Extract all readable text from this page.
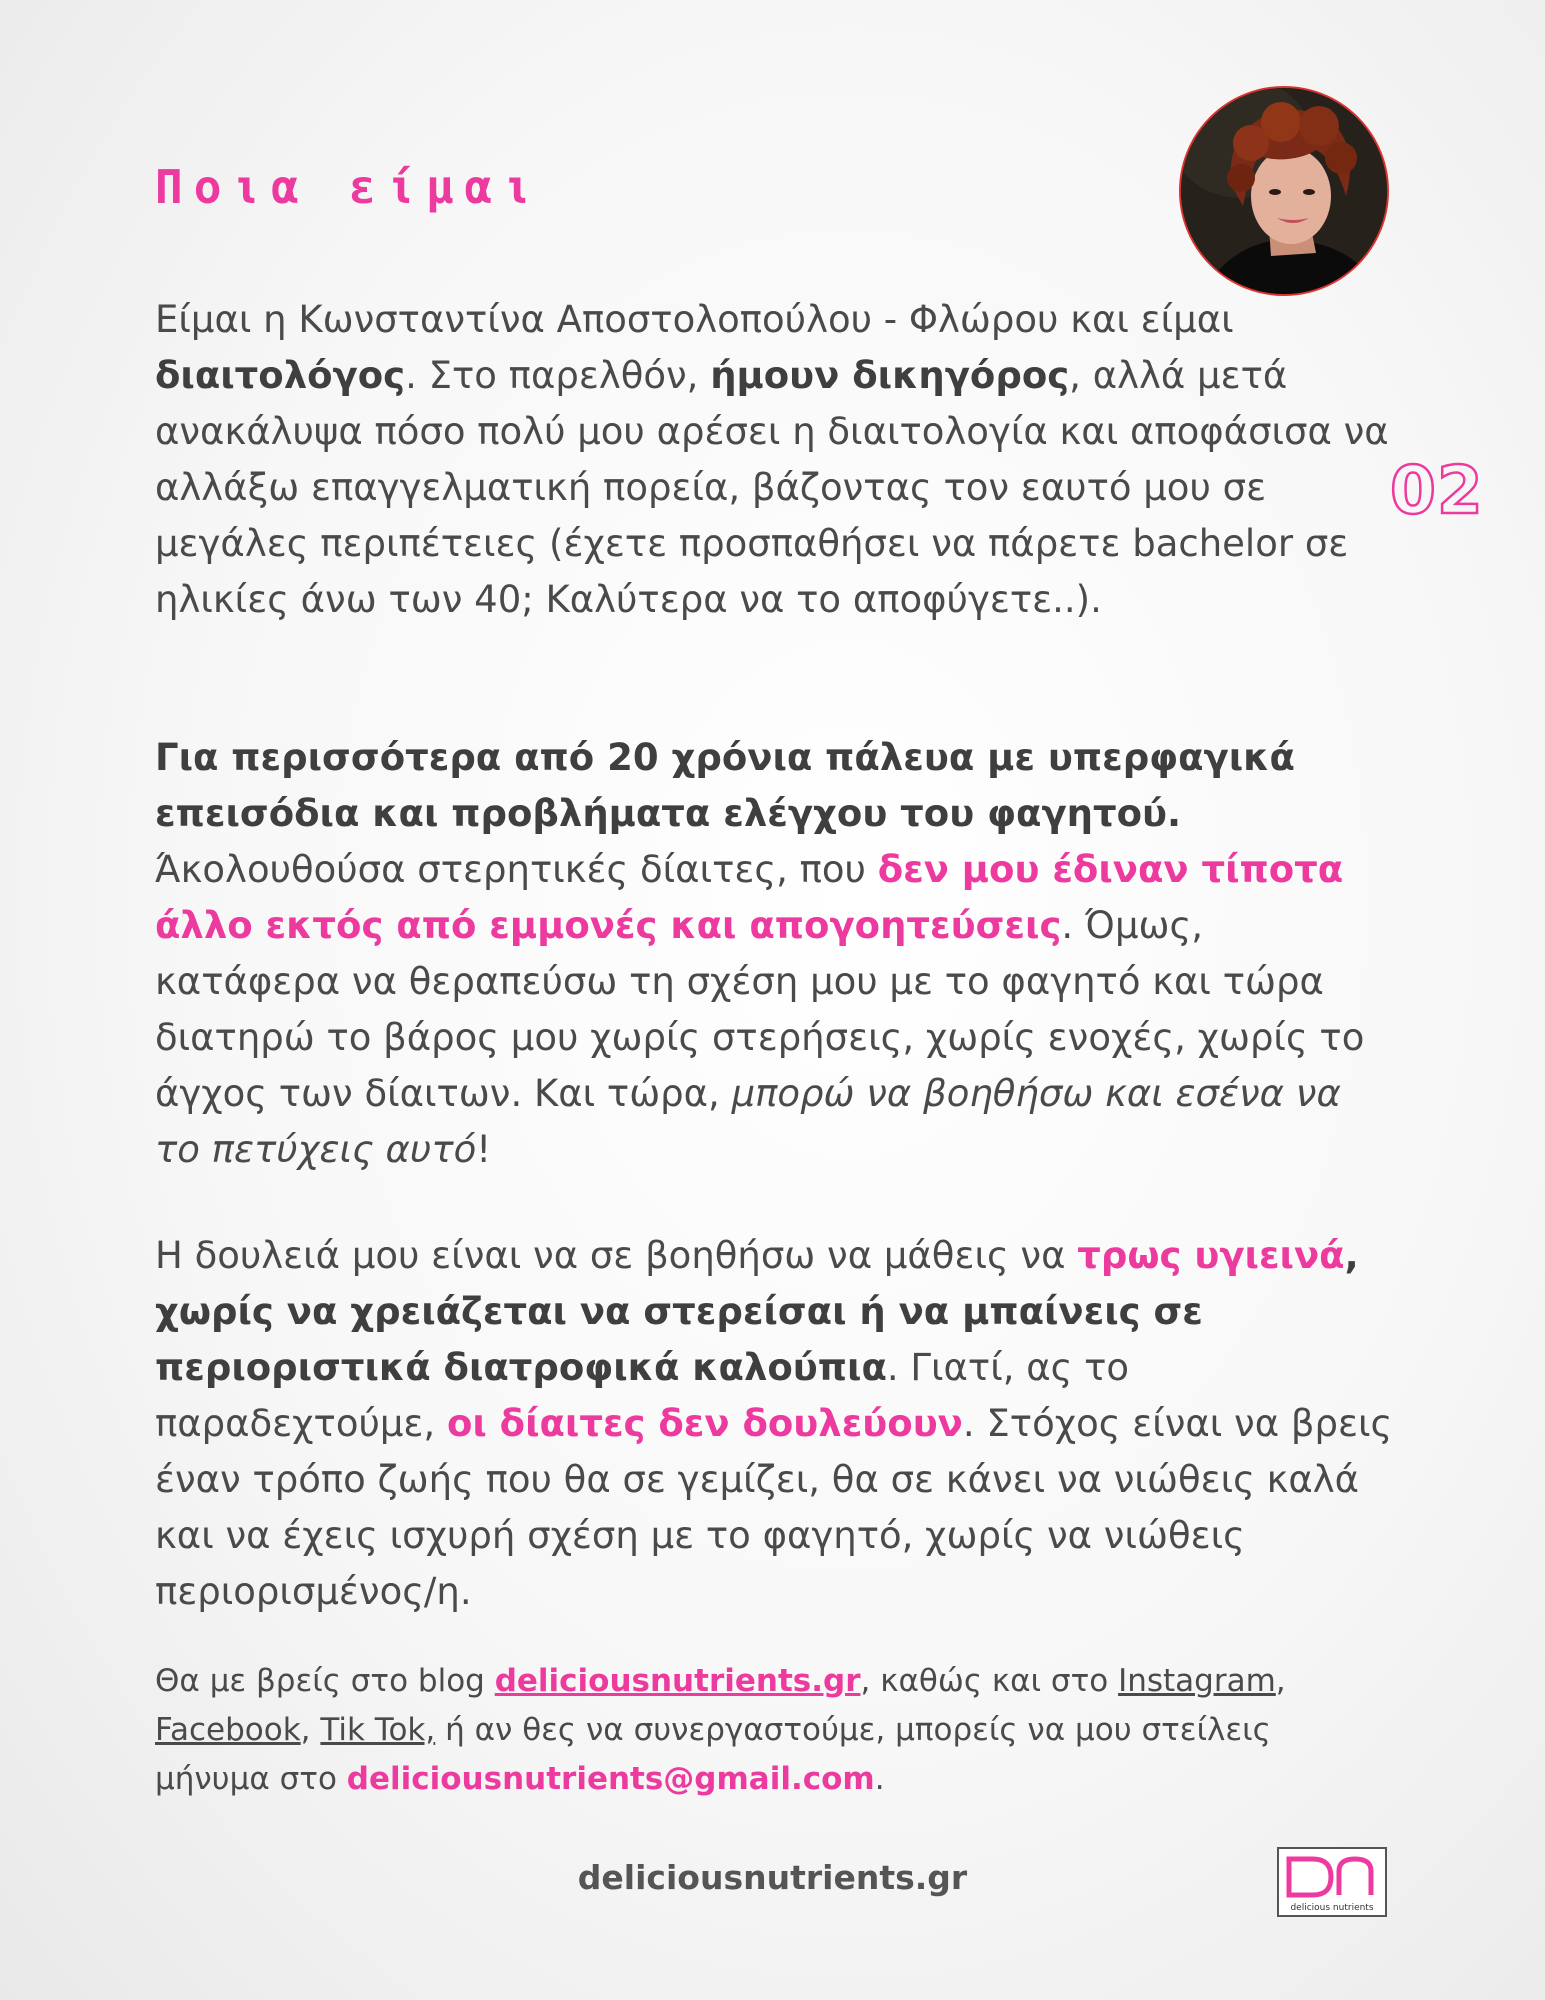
Ποια είμαι
02

Είμαι η Κωνσταντίνα Αποστολοπούλου - Φλώρου και είμαι διαιτολόγος. Στο παρελθόν, ήμουν δικηγόρος, αλλά μετά ανακάλυψα πόσο πολύ μου αρέσει η διαιτολογία και αποφάσισα να αλλάξω επαγγελματική πορεία, βάζοντας τον εαυτό μου σε μεγάλες περιπέτειες (έχετε προσπαθήσει να πάρετε bachelor σε ηλικίες άνω των 40; Καλύτερα να το αποφύγετε..).

Για περισσότερα από 20 χρόνια πάλευα με υπερφαγικά επεισόδια και προβλήματα ελέγχου του φαγητού. Άκολουθούσα στερητικές δίαιτες, που δεν μου έδιναν τίποτα άλλο εκτός από εμμονές και απογοητεύσεις. Όμως, κατάφερα να θεραπεύσω τη σχέση μου με το φαγητό και τώρα διατηρώ το βάρος μου χωρίς στερήσεις, χωρίς ενοχές, χωρίς το άγχος των δίαιτων. Και τώρα, μπορώ να βοηθήσω και εσένα να το πετύχεις αυτό!

Η δουλειά μου είναι να σε βοηθήσω να μάθεις να τρως υγιεινά, χωρίς να χρειάζεται να στερείσαι ή να μπαίνεις σε περιοριστικά διατροφικά καλούπια. Γιατί, ας το παραδεχτούμε, οι δίαιτες δεν δουλεύουν. Στόχος είναι να βρεις έναν τρόπο ζωής που θα σε γεμίζει, θα σε κάνει να νιώθεις καλά και να έχεις ισχυρή σχέση με το φαγητό, χωρίς να νιώθεις περιορισμένος/η.

Θα με βρείς στο blog deliciousnutrients.gr, καθώς και στο Instagram, Facebook, Tik Tok, ή αν θες να συνεργαστούμε, μπορείς να μου στείλεις μήνυμα στο deliciousnutrients@gmail.com.

deliciousnutrients.gr
delicious nutrients
